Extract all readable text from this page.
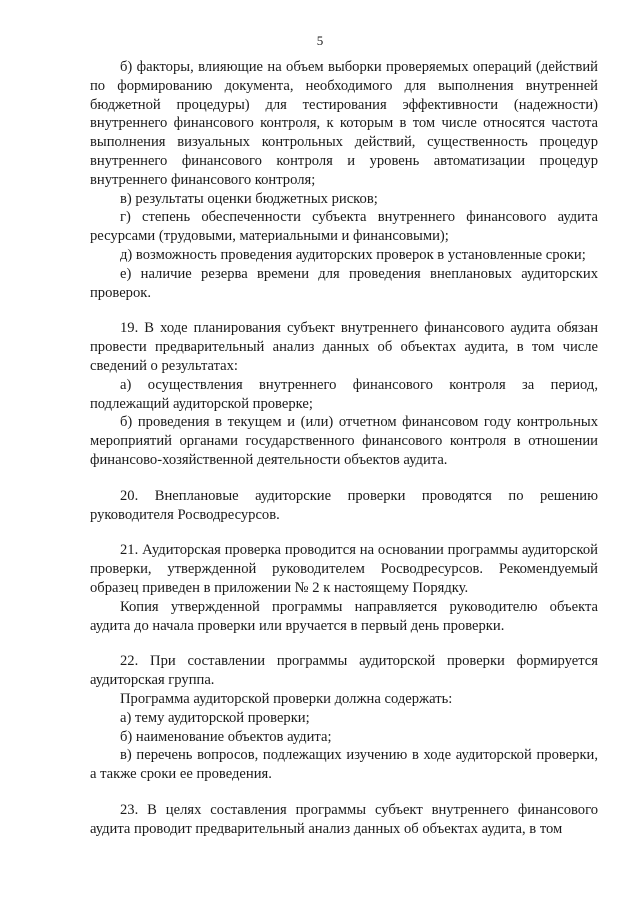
5

б) факторы, влияющие на объем выборки проверяемых операций (действий по формированию документа, необходимого для выполнения внутренней бюджетной процедуры) для тестирования эффективности (надежности) внутреннего финансового контроля, к которым в том числе относятся частота выполнения визуальных контрольных действий, существенность процедур внутреннего финансового контроля и уровень автоматизации процедур внутреннего финансового контроля;

в) результаты оценки бюджетных рисков;

г) степень обеспеченности субъекта внутреннего финансового аудита ресурсами (трудовыми, материальными и финансовыми);

д) возможность проведения аудиторских проверок в установленные сроки;

е) наличие резерва времени для проведения внеплановых аудиторских проверок.

19. В ходе планирования субъект внутреннего финансового аудита обязан провести предварительный анализ данных об объектах аудита, в том числе сведений о результатах:

а) осуществления внутреннего финансового контроля за период, подлежащий аудиторской проверке;

б) проведения в текущем и (или) отчетном финансовом году контрольных мероприятий органами государственного финансового контроля в отношении финансово-хозяйственной деятельности объектов аудита.

20. Внеплановые аудиторские проверки проводятся по решению руководителя Росводресурсов.

21. Аудиторская проверка проводится на основании программы аудиторской проверки, утвержденной руководителем Росводресурсов. Рекомендуемый образец приведен в приложении № 2 к настоящему Порядку.

Копия утвержденной программы направляется руководителю объекта аудита до начала проверки или вручается в первый день проверки.

22. При составлении программы аудиторской проверки формируется аудиторская группа.

Программа аудиторской проверки должна содержать:

а) тему аудиторской проверки;

б) наименование объектов аудита;

в) перечень вопросов, подлежащих изучению в ходе аудиторской проверки, а также сроки ее проведения.

23. В целях составления программы субъект внутреннего финансового аудита проводит предварительный анализ данных об объектах аудита, в том
